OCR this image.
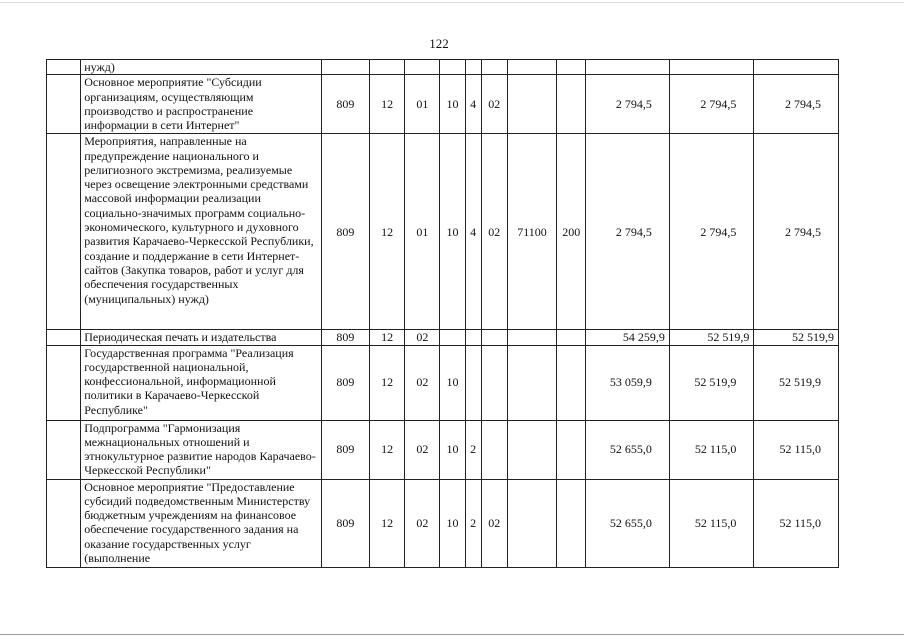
122
	нужд)											
	Основное мероприятие "Субсидии организациям, осуществляющим производство и распространение информации в сети Интернет"	809	12	01	10	4	02			2 794,5	2 794,5	2 794,5
	Мероприятия, направленные на предупреждение национального и религиозного экстремизма, реализуемые через освещение электронными средствами массовой информации реализации социально-значимых программ социально-экономического, культурного и духовного развития Карачаево-Черкесской Республики, создание и поддержание в сети Интернет-сайтов (Закупка товаров, работ и услуг для обеспечения государственных (муниципальных) нужд)	809	12	01	10	4	02	71100	200	2 794,5	2 794,5	2 794,5
	Периодическая печать и издательства	809	12	02						54 259,9	52 519,9	52 519,9
	Государственная программа "Реализация государственной национальной, конфессиональной, информационной политики в Карачаево-Черкесской Республике"	809	12	02	10					53 059,9	52 519,9	52 519,9
	Подпрограмма "Гармонизация межнациональных отношений и этнокультурное развитие народов Карачаево-Черкесской Республики"	809	12	02	10	2				52 655,0	52 115,0	52 115,0
	Основное мероприятие "Предоставление субсидий подведомственным Министерству бюджетным учреждениям на финансовое обеспечение государственного задания на оказание государственных услуг (выполнение	809	12	02	10	2	02			52 655,0	52 115,0	52 115,0
